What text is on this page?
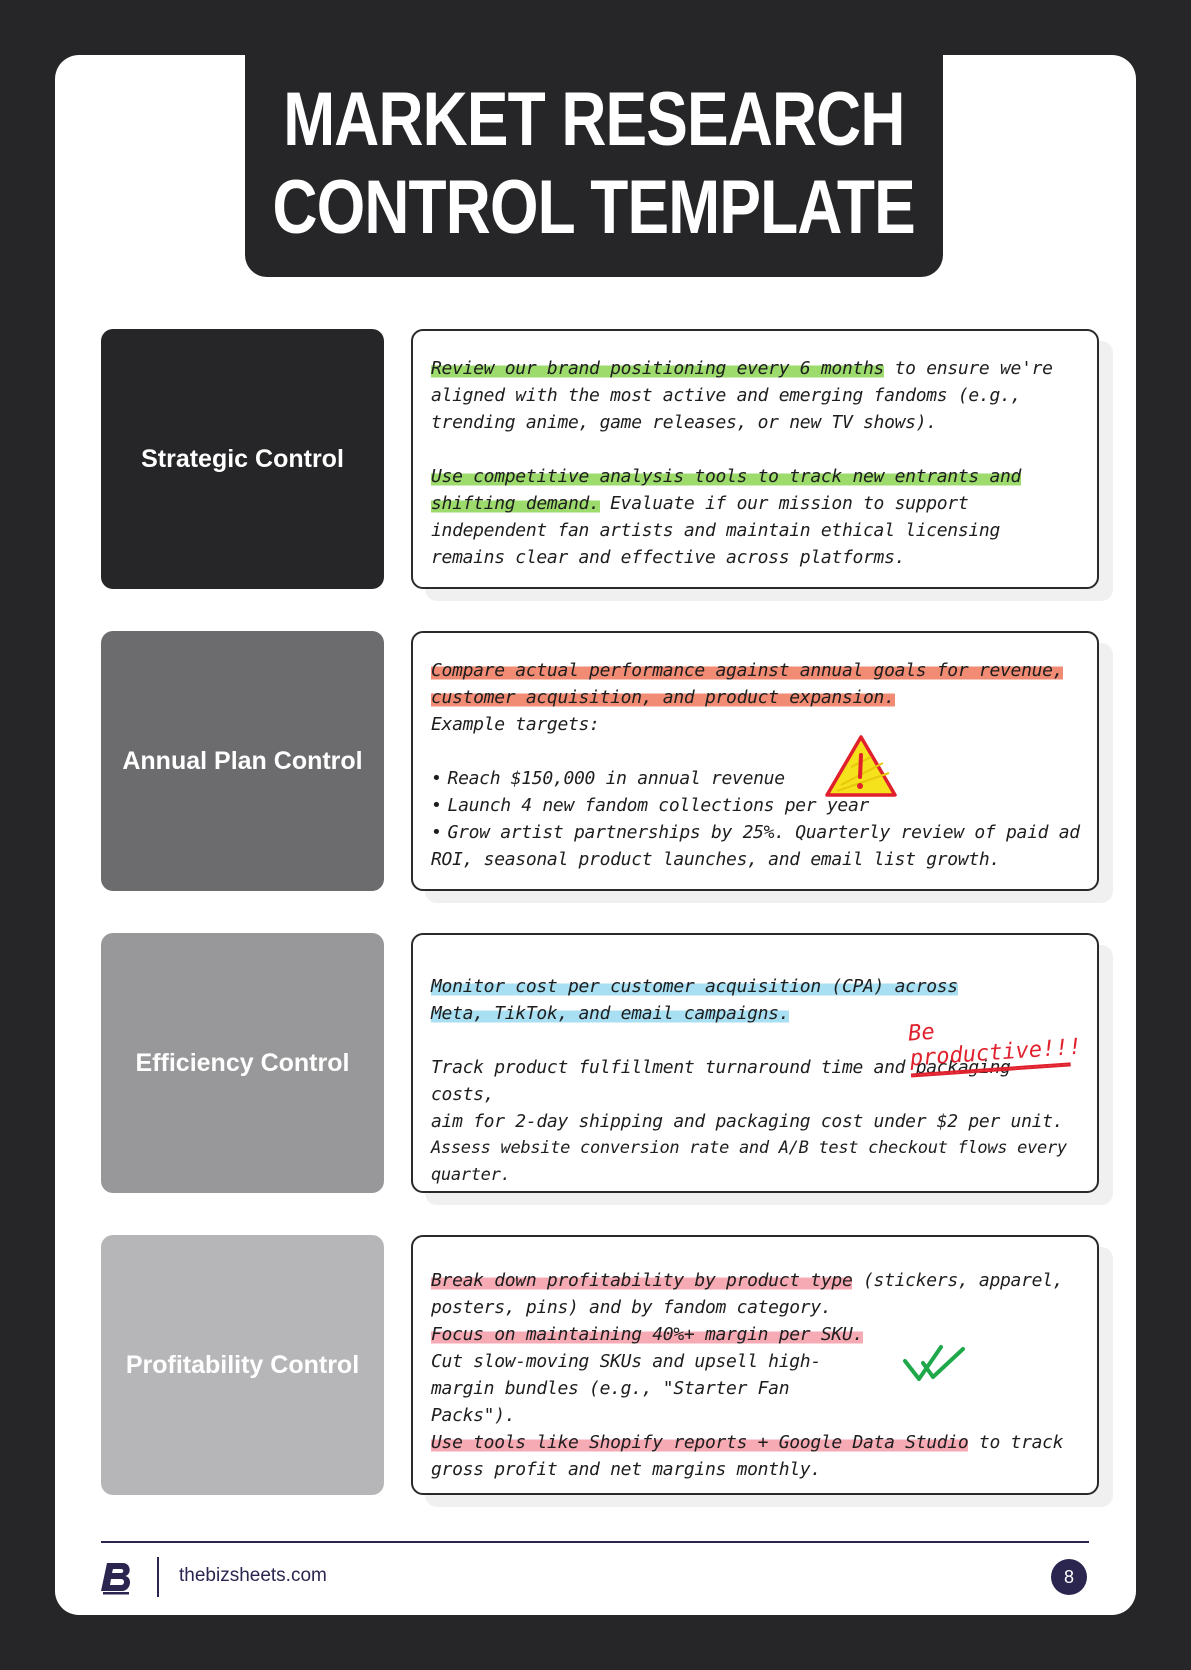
MARKET RESEARCH
CONTROL TEMPLATE
Strategic Control
Review our brand positioning every 6 months to ensure we're aligned with the most active and emerging fandoms (e.g., trending anime, game releases, or new TV shows).
Use competitive analysis tools to track new entrants and shifting demand. Evaluate if our mission to support independent fan artists and maintain ethical licensing remains clear and effective across platforms.
Annual Plan Control
Compare actual performance against annual goals for revenue, customer acquisition, and product expansion.
Example targets:
• Reach $150,000 in annual revenue
• Launch 4 new fandom collections per year
• Grow artist partnerships by 25%. Quarterly review of paid ad ROI, seasonal product launches, and email list growth.
Efficiency Control
Monitor cost per customer acquisition (CPA) across Meta, TikTok, and email campaigns.
Track product fulfillment turnaround time and packaging costs,
aim for 2-day shipping and packaging cost under $2 per unit.
Assess website conversion rate and A/B test checkout flows every quarter.
Be productive!!!
Profitability Control
Break down profitability by product type (stickers, apparel, posters, pins) and by fandom category.
Focus on maintaining 40%+ margin per SKU.
Cut slow-moving SKUs and upsell high-margin bundles (e.g., "Starter Fan Packs").
Use tools like Shopify reports + Google Data Studio to track gross profit and net margins monthly.
thebizsheets.com	8
